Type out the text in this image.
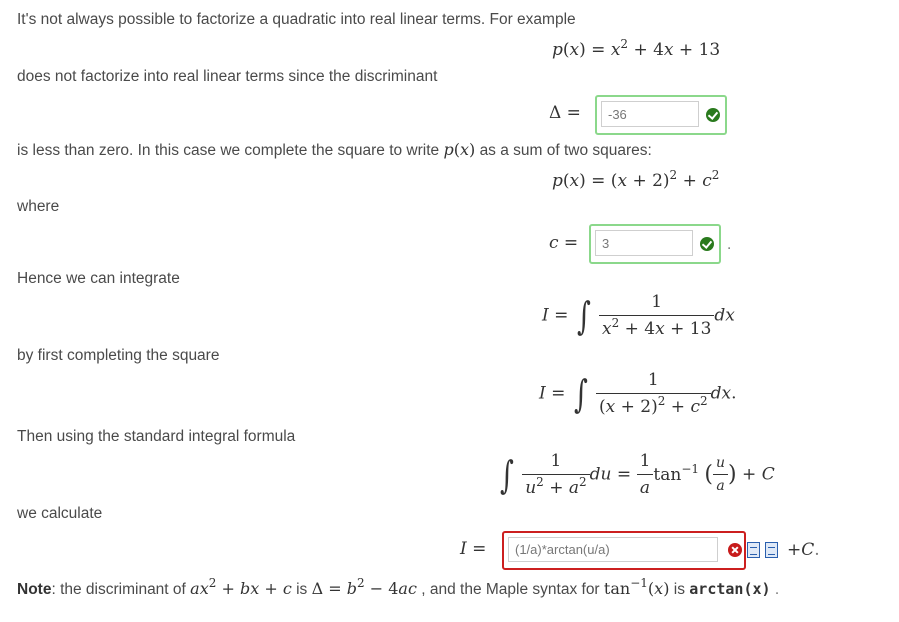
It's not always possible to factorize a quadratic into real linear terms. For example
$p(x) = x^2 + 4x + 13$
does not factorize into real linear terms since the discriminant
Δ =
-36
is less than zero. In this case we complete the square to write p(x) as a sum of two squares:
$p(x) = (x + 2)^2 + c^2$
where
c =
3	.
Hence we can integrate
I = ∫ $\frac{1}{x^2 + 4x + 13}$ dx
by first completing the square
I = ∫ $\frac{1}{(x + 2)^2 + c^2}$ dx.
Then using the standard integral formula
∫ $\frac{1}{u^2 + a^2}$ du = $\frac{1}{a} \tan^{-1}$ ( $\frac{u}{a}$ ) + C
we calculate
I =
(1/a)*arctan(u/a)	+C.
Note: the discriminant of $ax^2$ + bx + c is $\Delta = b^2 - 4ac$ , and the Maple syntax for $\tan^{-1}(x)$ is arctan(x) .
